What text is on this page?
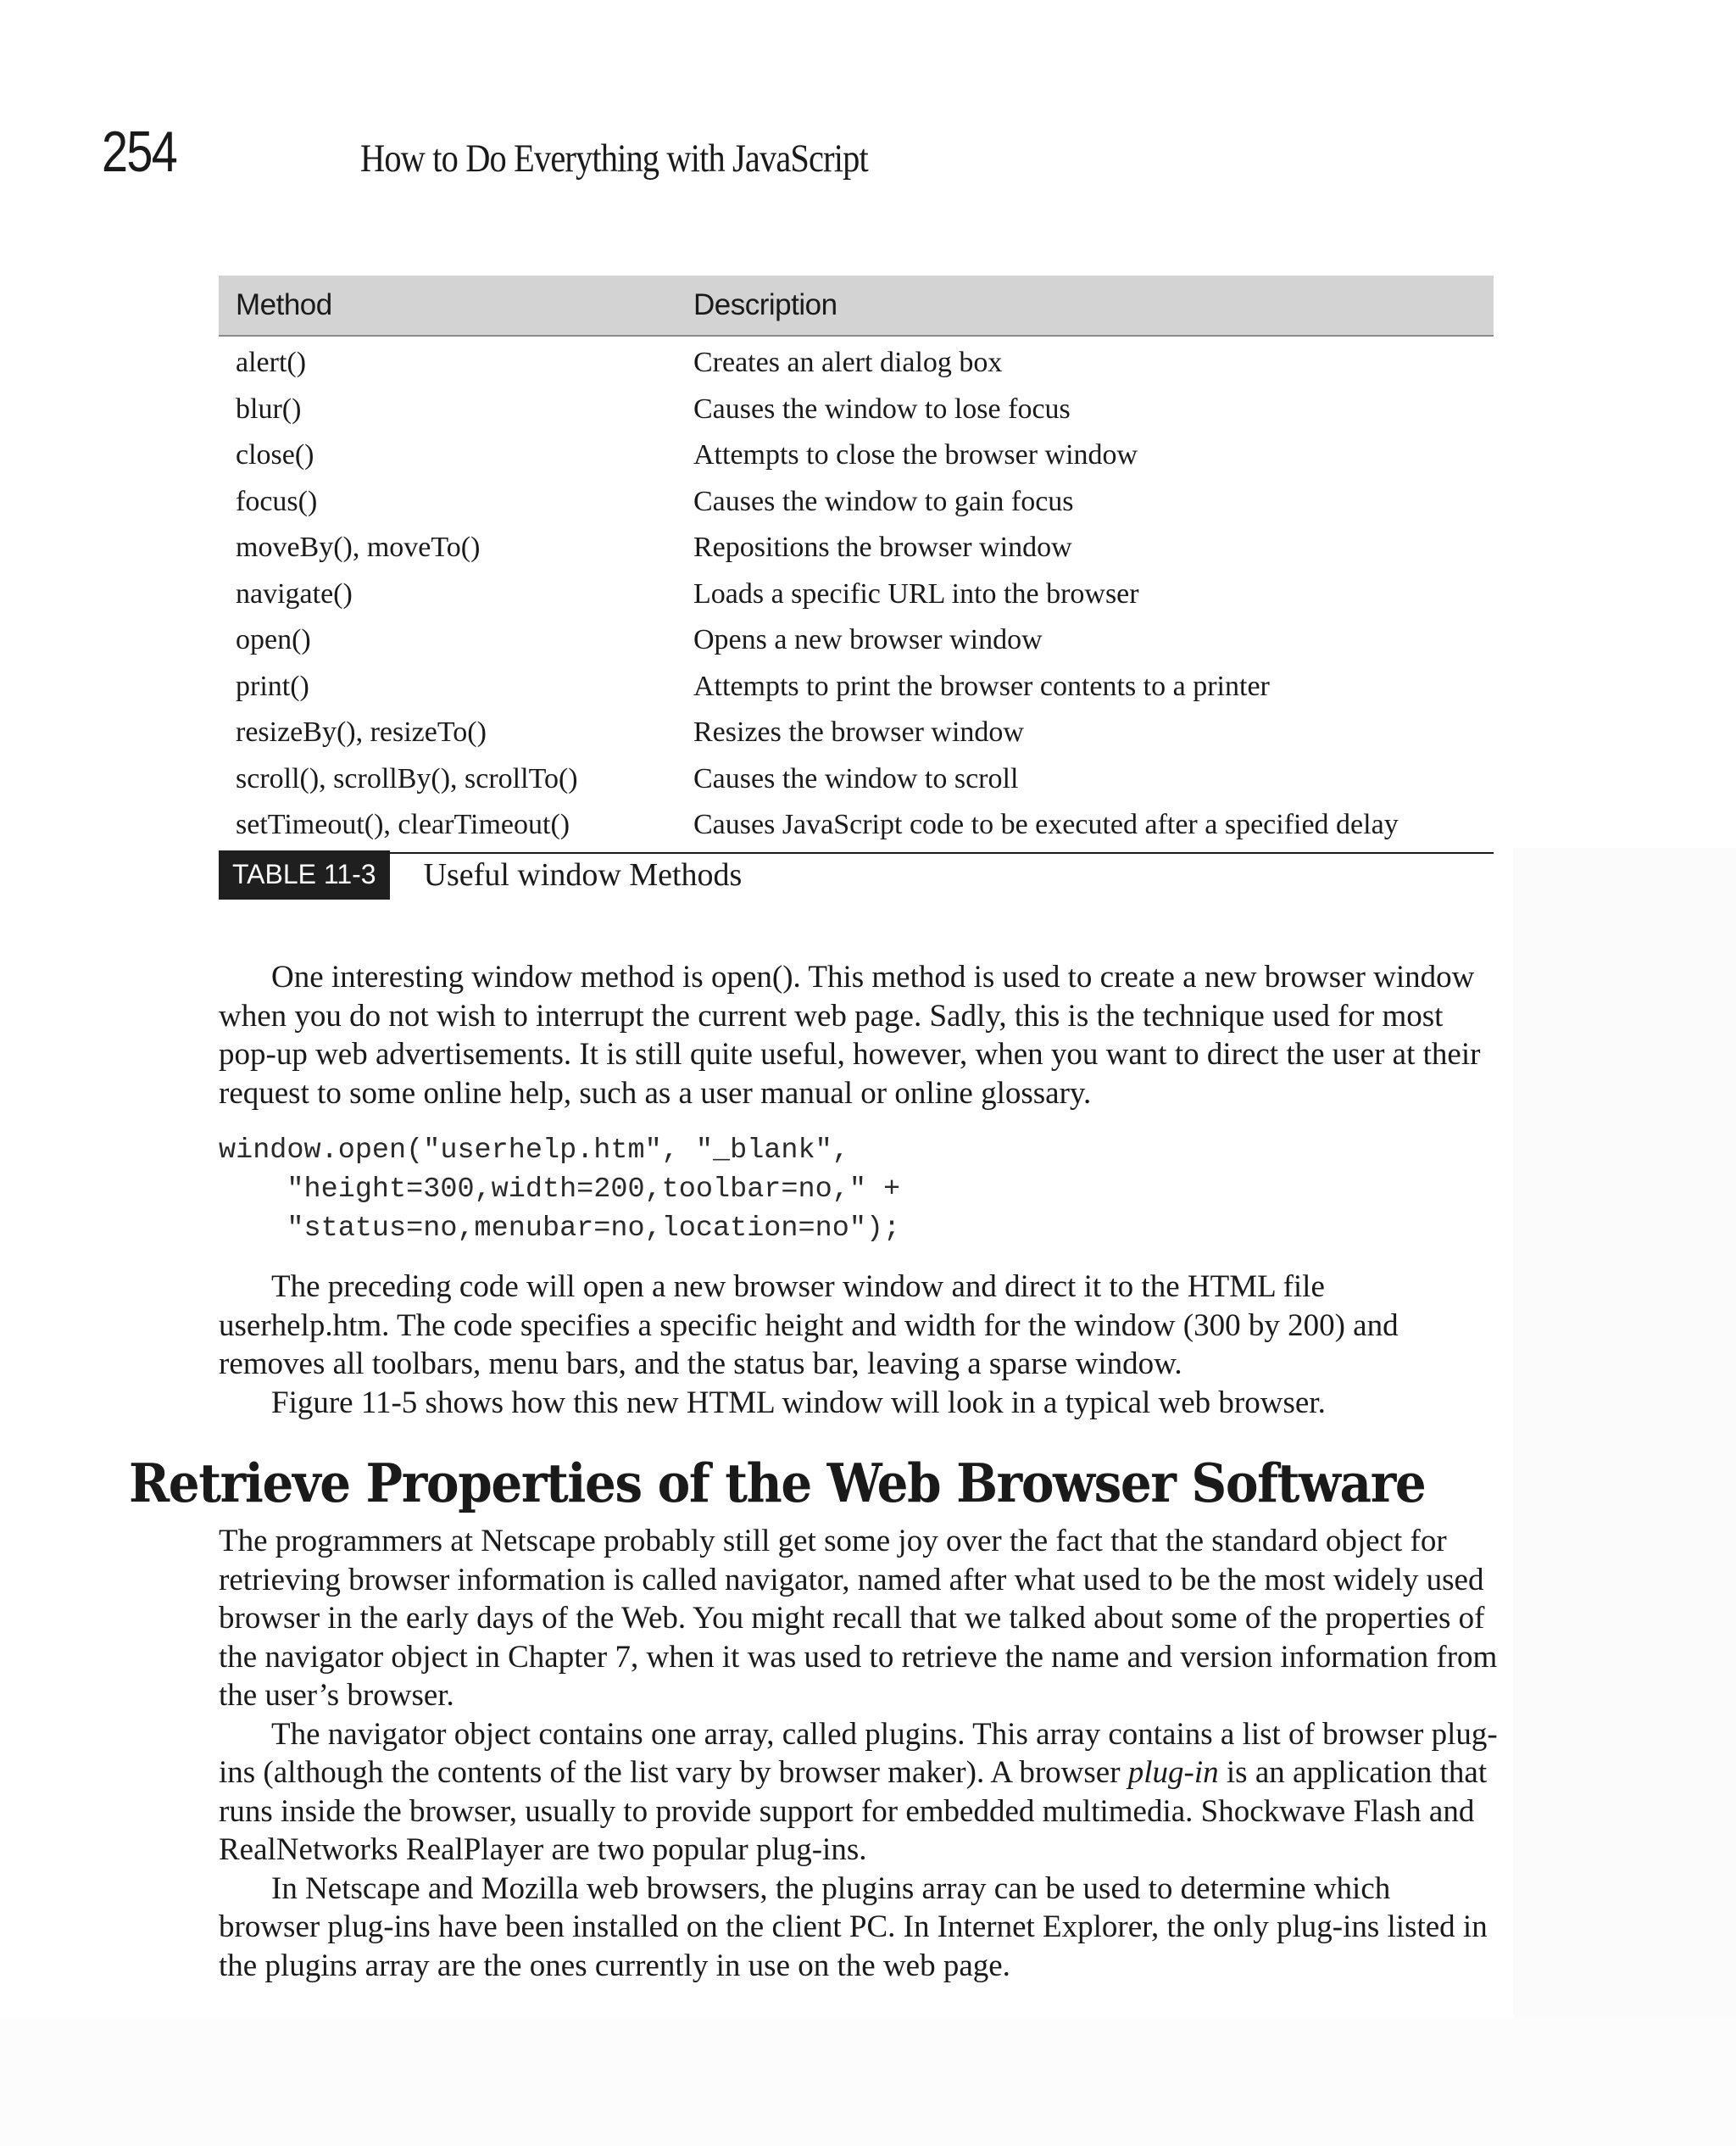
254	How to Do Everything with JavaScript
Method	Description
alert()	Creates an alert dialog box
blur()	Causes the window to lose focus
close()	Attempts to close the browser window
focus()	Causes the window to gain focus
moveBy(), moveTo()	Repositions the browser window
navigate()	Loads a specific URL into the browser
open()	Opens a new browser window
print()	Attempts to print the browser contents to a printer
resizeBy(), resizeTo()	Resizes the browser window
scroll(), scrollBy(), scrollTo()	Causes the window to scroll
setTimeout(), clearTimeout()	Causes JavaScript code to be executed after a specified delay
TABLE 11-3	Useful window Methods

One interesting window method is open(). This method is used to create a new browser window when you do not wish to interrupt the current web page. Sadly, this is the technique used for most pop-up web advertisements. It is still quite useful, however, when you want to direct the user at their request to some online help, such as a user manual or online glossary.

window.open("userhelp.htm", "_blank",
"height=300,width=200,toolbar=no," +
"status=no,menubar=no,location=no");

The preceding code will open a new browser window and direct it to the HTML file userhelp.htm. The code specifies a specific height and width for the window (300 by 200) and removes all toolbars, menu bars, and the status bar, leaving a sparse window.

Figure 11-5 shows how this new HTML window will look in a typical web browser.

Retrieve Properties of the Web Browser Software

The programmers at Netscape probably still get some joy over the fact that the standard object for retrieving browser information is called navigator, named after what used to be the most widely used browser in the early days of the Web. You might recall that we talked about some of the properties of the navigator object in Chapter 7, when it was used to retrieve the name and version information from the user’s browser.

The navigator object contains one array, called plugins. This array contains a list of browser plug-ins (although the contents of the list vary by browser maker). A browser plug-in is an application that runs inside the browser, usually to provide support for embedded multimedia. Shockwave Flash and RealNetworks RealPlayer are two popular plug-ins.

In Netscape and Mozilla web browsers, the plugins array can be used to determine which browser plug-ins have been installed on the client PC. In Internet Explorer, the only plug-ins listed in the plugins array are the ones currently in use on the web page.
